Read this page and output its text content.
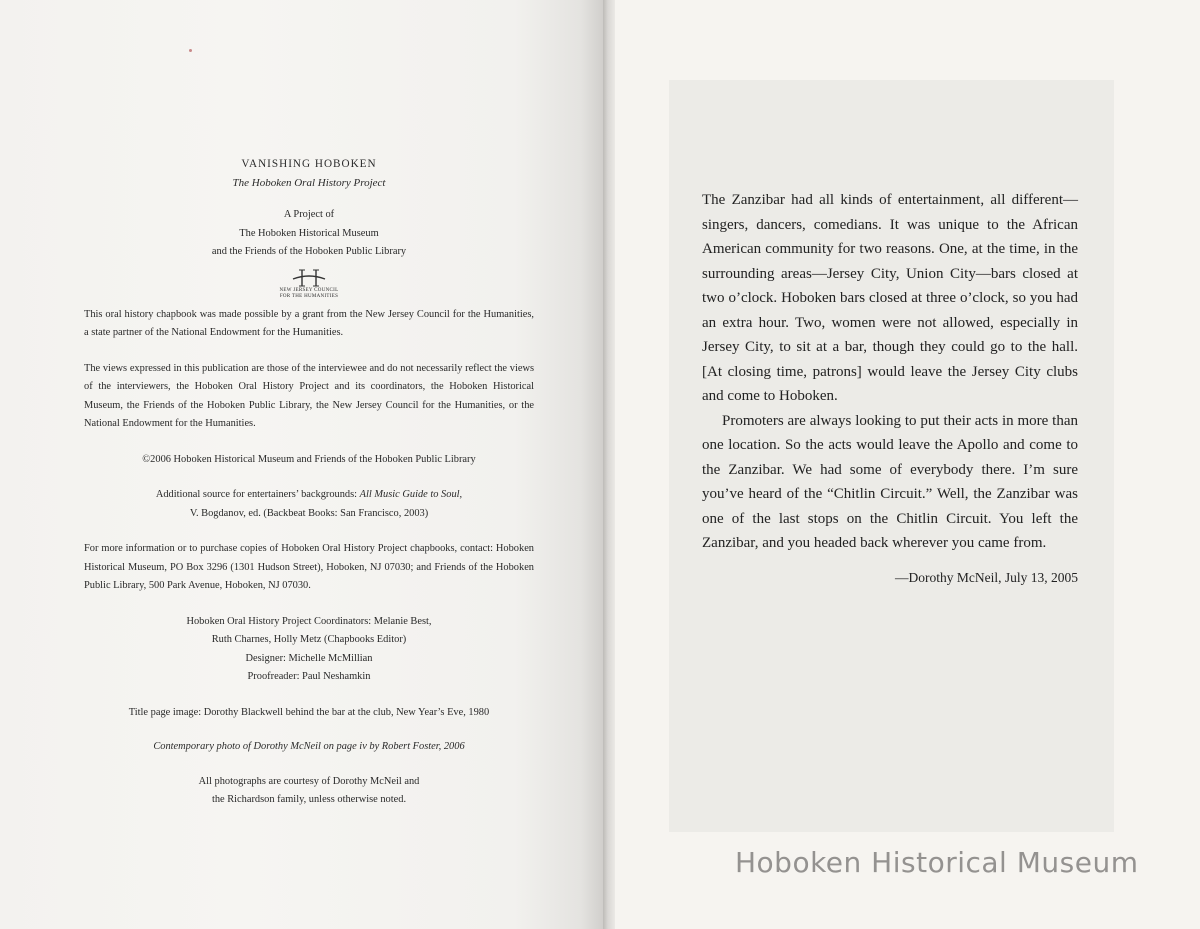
VANISHING HOBOKEN

The Hoboken Oral History Project

A Project of

The Hoboken Historical Museum

and the Friends of the Hoboken Public Library

NEW JERSEY COUNCIL
FOR THE HUMANITIES

This oral history chapbook was made possible by a grant from the New Jersey Council for the Humanities, a state partner of the National Endowment for the Humanities.

The views expressed in this publication are those of the interviewee and do not necessarily reflect the views of the interviewers, the Hoboken Oral History Project and its coordinators, the Hoboken Historical Museum, the Friends of the Hoboken Public Library, the New Jersey Council for the Humanities, or the National Endowment for the Humanities.

©2006 Hoboken Historical Museum and Friends of the Hoboken Public Library

Additional source for entertainers’ backgrounds: All Music Guide to Soul,

V. Bogdanov, ed. (Backbeat Books: San Francisco, 2003)

For more information or to purchase copies of Hoboken Oral History Project chapbooks, contact: Hoboken Historical Museum, PO Box 3296 (1301 Hudson Street), Hoboken, NJ 07030; and Friends of the Hoboken Public Library, 500 Park Avenue, Hoboken, NJ 07030.

Hoboken Oral History Project Coordinators: Melanie Best,

Ruth Charnes, Holly Metz (Chapbooks Editor)

Designer: Michelle McMillian

Proofreader: Paul Neshamkin

Title page image: Dorothy Blackwell behind the bar at the club, New Year’s Eve, 1980

Contemporary photo of Dorothy McNeil on page iv by Robert Foster, 2006

All photographs are courtesy of Dorothy McNeil and

the Richardson family, unless otherwise noted.

The Zanzibar had all kinds of entertainment, all different—singers, dancers, comedians. It was unique to the African American community for two reasons. One, at the time, in the surrounding areas—Jersey City, Union City—bars closed at two o’clock. Hoboken bars closed at three o’clock, so you had an extra hour. Two, women were not allowed, especially in Jersey City, to sit at a bar, though they could go to the hall. [At closing time, patrons] would leave the Jersey City clubs and come to Hoboken.

Promoters are always looking to put their acts in more than one location. So the acts would leave the Apollo and come to the Zanzibar. We had some of everybody there. I’m sure you’ve heard of the “Chitlin Circuit.” Well, the Zanzibar was one of the last stops on the Chitlin Circuit. You left the Zanzibar, and you headed back wherever you came from.

—Dorothy McNeil, July 13, 2005

Hoboken Historical Museum
